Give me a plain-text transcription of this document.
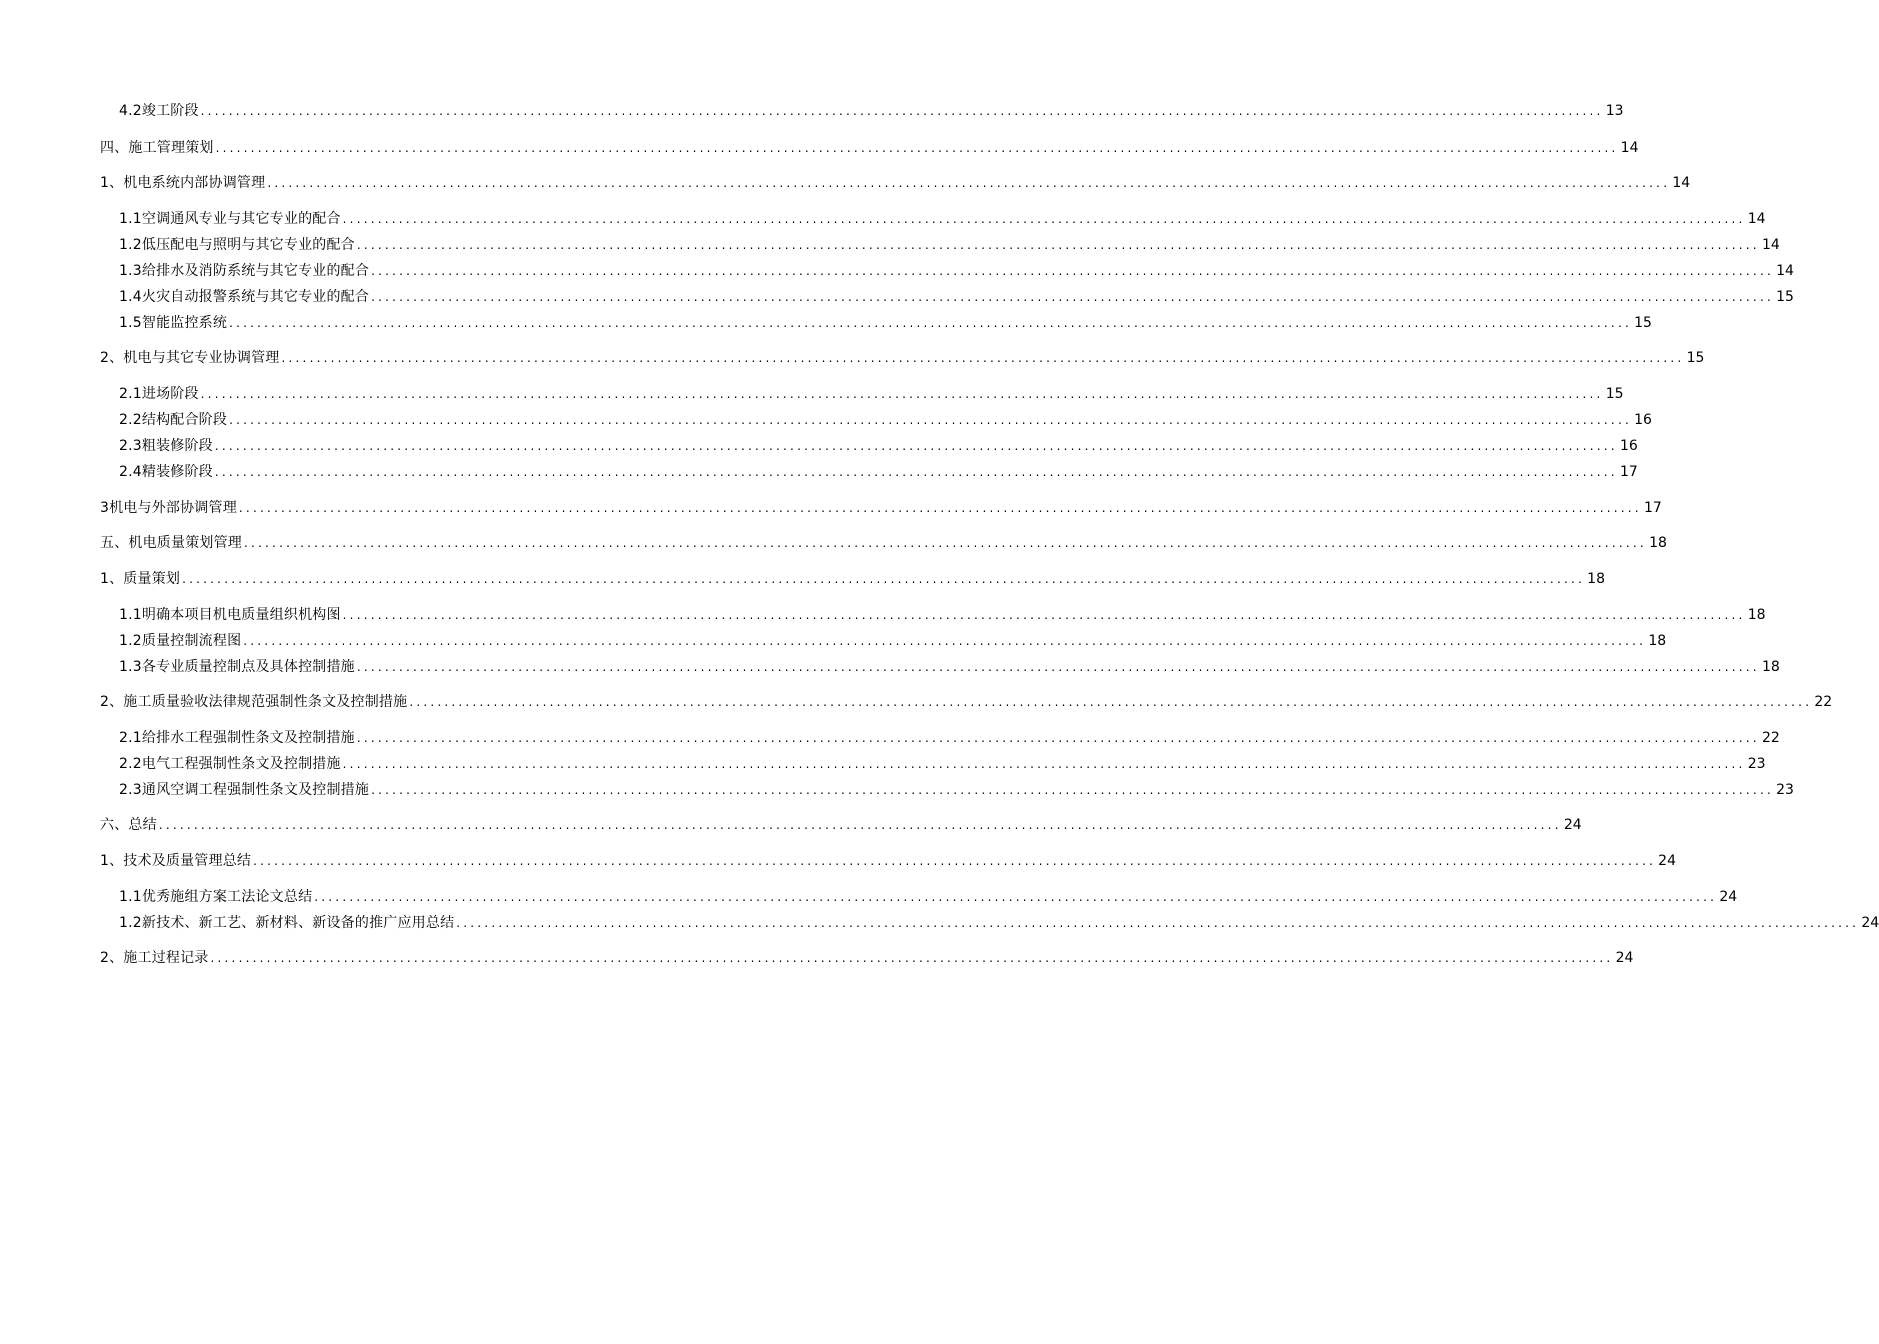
4.2竣工阶段 ........................................................................................................................................................................................................ 13
四、施工管理策划 ........................................................................................................................................................................................................ 14
1、机电系统内部协调管理 ........................................................................................................................................................................................................ 14
1.1空调通风专业与其它专业的配合 ........................................................................................................................................................................................................ 14
1.2低压配电与照明与其它专业的配合 ........................................................................................................................................................................................................ 14
1.3给排水及消防系统与其它专业的配合 ........................................................................................................................................................................................................ 14
1.4火灾自动报警系统与其它专业的配合 ........................................................................................................................................................................................................ 15
1.5智能监控系统 ........................................................................................................................................................................................................ 15
2、机电与其它专业协调管理 ........................................................................................................................................................................................................ 15
2.1进场阶段 ........................................................................................................................................................................................................ 15
2.2结构配合阶段 ........................................................................................................................................................................................................ 16
2.3粗装修阶段 ........................................................................................................................................................................................................ 16
2.4精装修阶段 ........................................................................................................................................................................................................ 17
3机电与外部协调管理 ........................................................................................................................................................................................................ 17
五、机电质量策划管理 ........................................................................................................................................................................................................ 18
1、质量策划 ........................................................................................................................................................................................................ 18
1.1明确本项目机电质量组织机构图 ........................................................................................................................................................................................................ 18
1.2质量控制流程图 ........................................................................................................................................................................................................ 18
1.3各专业质量控制点及具体控制措施 ........................................................................................................................................................................................................ 18
2、施工质量验收法律规范强制性条文及控制措施 ........................................................................................................................................................................................................ 22
2.1给排水工程强制性条文及控制措施 ........................................................................................................................................................................................................ 22
2.2电气工程强制性条文及控制措施 ........................................................................................................................................................................................................ 23
2.3通风空调工程强制性条文及控制措施 ........................................................................................................................................................................................................ 23
六、总结 ........................................................................................................................................................................................................ 24
1、技术及质量管理总结 ........................................................................................................................................................................................................ 24
1.1优秀施组方案工法论文总结 ........................................................................................................................................................................................................ 24
1.2新技术、新工艺、新材料、新设备的推广应用总结 ........................................................................................................................................................................................................ 24
2、施工过程记录 ........................................................................................................................................................................................................ 24
